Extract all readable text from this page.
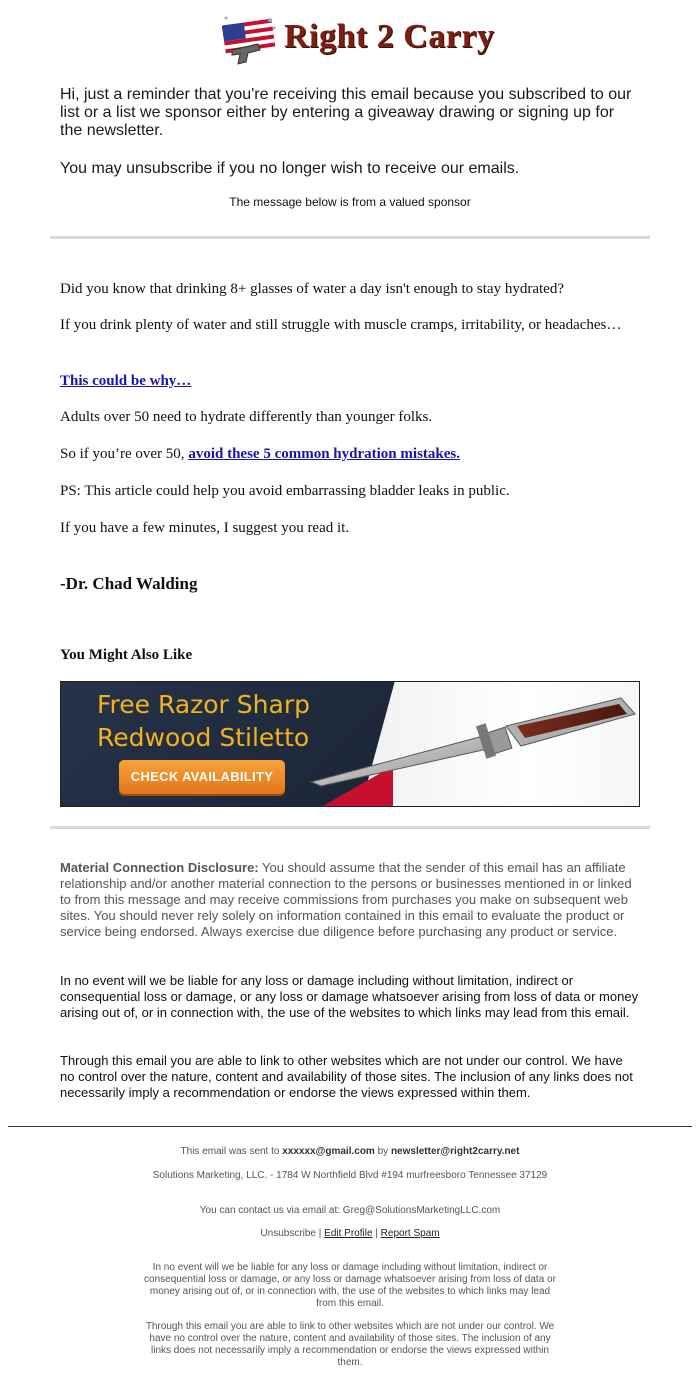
Right 2 Carry

Hi, just a reminder that you're receiving this email because you subscribed to our list or a list we sponsor either by entering a giveaway drawing or signing up for the newsletter.

You may unsubscribe if you no longer wish to receive our emails.
The message below is from a valued sponsor

Did you know that drinking 8+ glasses of water a day isn't enough to stay hydrated?

If you drink plenty of water and still struggle with muscle cramps, irritability, or headaches…

This could be why…

Adults over 50 need to hydrate differently than younger folks.

So if you’re over 50, avoid these 5 common hydration mistakes.

PS: This article could help you avoid embarrassing bladder leaks in public.

If you have a few minutes, I suggest you read it.

-Dr. Chad Walding
You Might Also Like
Free Razor Sharp
Redwood Stiletto
CHECK AVAILABILITY

Material Connection Disclosure: You should assume that the sender of this email has an affiliate relationship and/or another material connection to the persons or businesses mentioned in or linked to from this message and may receive commissions from purchases you make on subsequent web sites. You should never rely solely on information contained in this email to evaluate the product or service being endorsed. Always exercise due diligence before purchasing any product or service.

In no event will we be liable for any loss or damage including without limitation, indirect or consequential loss or damage, or any loss or damage whatsoever arising from loss of data or money arising out of, or in connection with, the use of the websites to which links may lead from this email.

Through this email you are able to link to other websites which are not under our control. We have no control over the nature, content and availability of those sites. The inclusion of any links does not necessarily imply a recommendation or endorse the views expressed within them.

This email was sent to xxxxxx@gmail.com by newsletter@right2carry.net

Solutions Marketing, LLC. - 1784 W Northfield Blvd #194 murfreesboro Tennessee 37129

You can contact us via email at: Greg@SolutionsMarketingLLC.com

Unsubscribe | Edit Profile | Report Spam

In no event will we be liable for any loss or damage including without limitation, indirect or consequential loss or damage, or any loss or damage whatsoever arising from loss of data or money arising out of, or in connection with, the use of the websites to which links may lead from this email.

Through this email you are able to link to other websites which are not under our control. We have no control over the nature, content and availability of those sites. The inclusion of any links does not necessarily imply a recommendation or endorse the views expressed within them.
